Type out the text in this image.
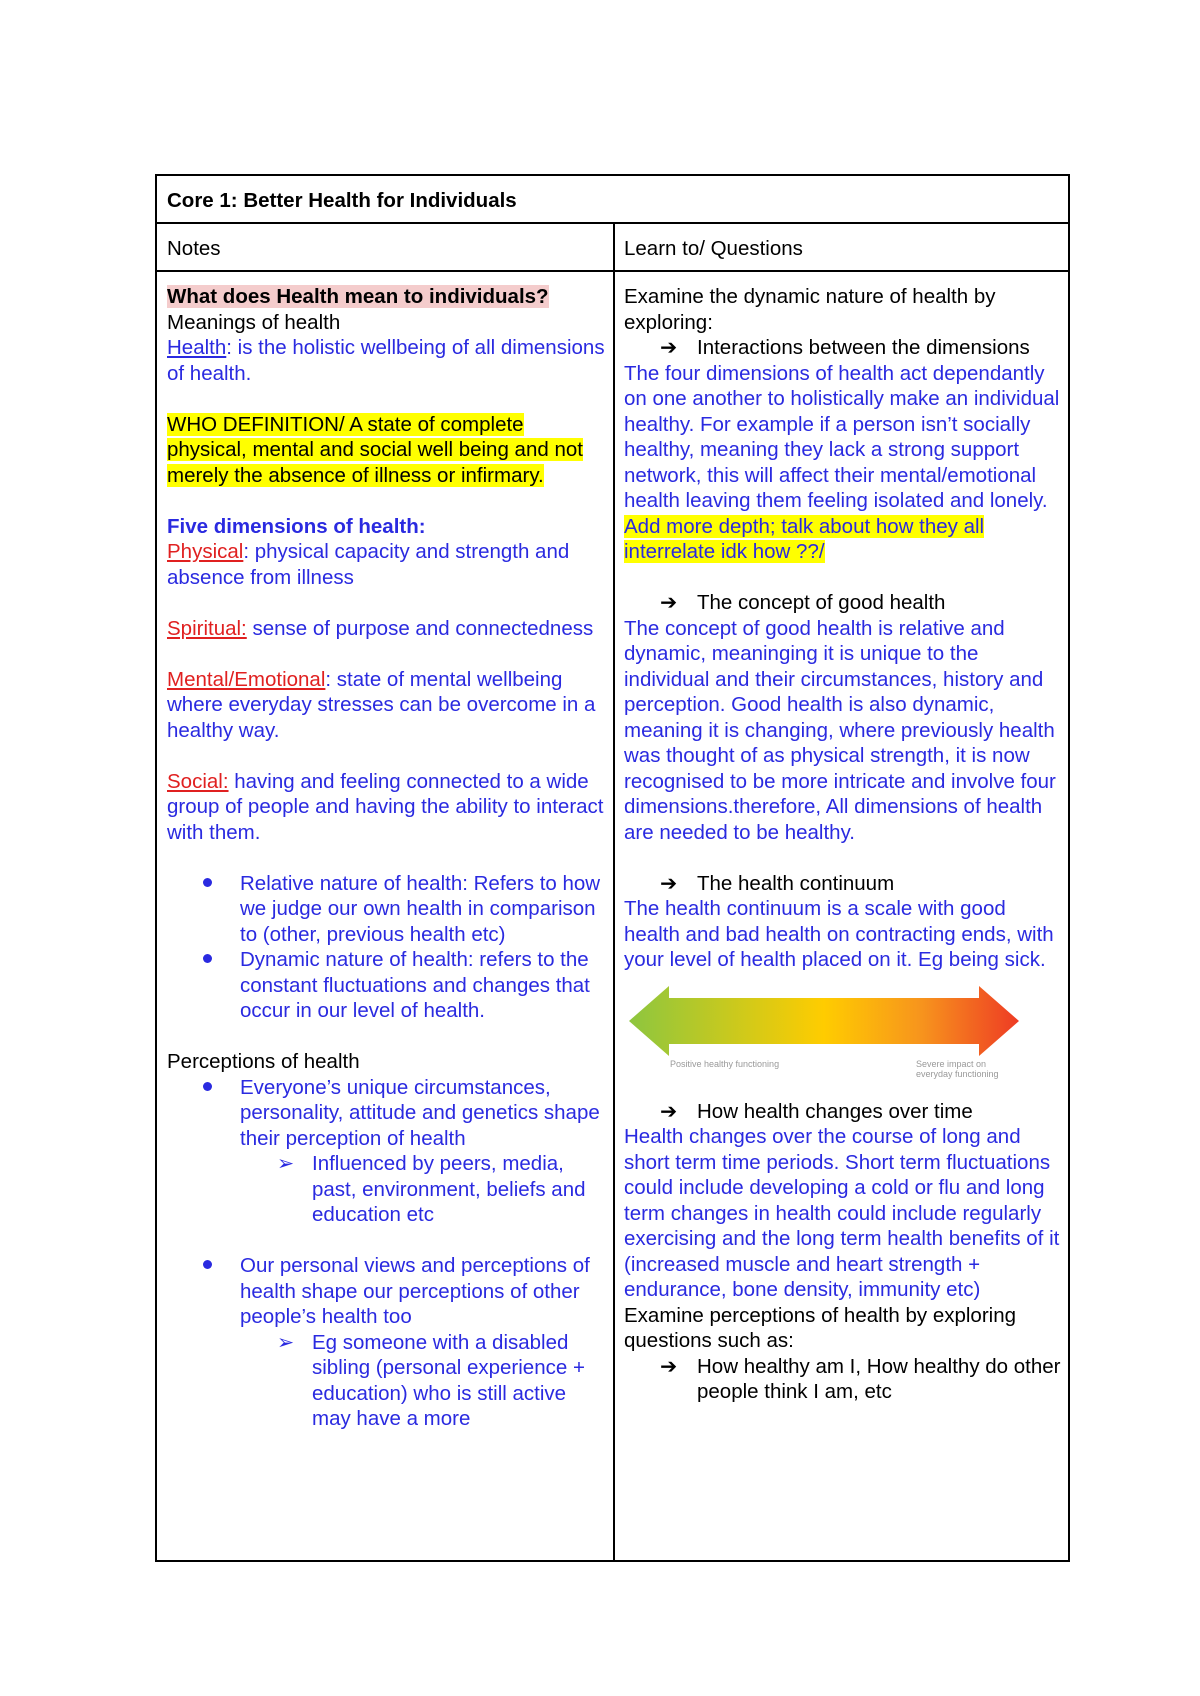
Core 1: Better Health for Individuals
Notes	Learn to/ Questions

What does Health mean to individuals?

Meanings of health

Health: is the holistic wellbeing of all dimensions of health.

WHO DEFINITION/ A state of complete physical, mental and social well being and not merely the absence of illness or infirmary.

Five dimensions of health:

Physical: physical capacity and strength and absence from illness

Spiritual: sense of purpose and connectedness

Mental/Emotional: state of mental wellbeing where everyday stresses can be overcome in a healthy way.

Social: having and feeling connected to a wide group of people and having the ability to interact with them.

Relative nature of health: Refers to how we judge our own health in comparison to (other, previous health etc)
Dynamic nature of health: refers to the constant fluctuations and changes that occur in our level of health.

Perceptions of health

Everyone’s unique circumstances, personality, attitude and genetics shape their perception of health
➢ Influenced by peers, media, past, environment, beliefs and education etc
Our personal views and perceptions of health shape our perceptions of other people’s health too
➢ Eg someone with a disabled sibling (personal experience + education) who is still active may have a more

Examine the dynamic nature of health by exploring:

➔ Interactions between the dimensions

The four dimensions of health act dependantly on one another to holistically make an individual healthy. For example if a person isn’t socially healthy, meaning they lack a strong support network, this will affect their mental/emotional health leaving them feeling isolated and lonely.

Add more depth; talk about how they all interrelate idk how ??/

➔ The concept of good health

The concept of good health is relative and dynamic, meaninging it is unique to the individual and their circumstances, history and perception. Good health is also dynamic, meaning it is changing, where previously health was thought of as physical strength, it is now recognised to be more intricate and involve four dimensions.therefore, All dimensions of health are needed to be healthy.

➔ The health continuum

The health continuum is a scale with good health and bad health on contracting ends, with your level of health placed on it. Eg being sick.

Positive healthy functioning	Severe impact on everyday functioning
➔ How health changes over time

Health changes over the course of long and short term time periods. Short term fluctuations could include developing a cold or flu and long term changes in health could include regularly exercising and the long term health benefits of it (increased muscle and heart strength + endurance, bone density, immunity etc)

Examine perceptions of health by exploring questions such as:

➔ How healthy am I, How healthy do other people think I am, etc
